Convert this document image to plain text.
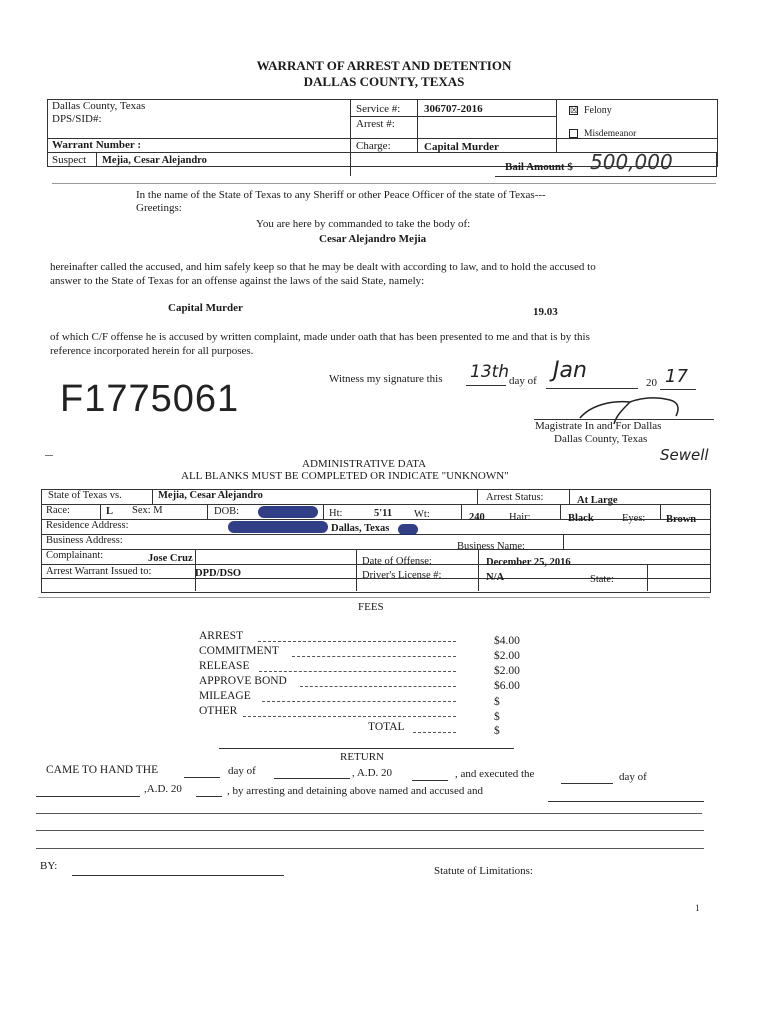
WARRANT OF ARREST AND DETENTION
DALLAS COUNTY, TEXAS
Dallas County, Texas
DPS/SID#:
Service #: 306707-2016
Arrest #:
☒ Felony
Misdemeanor
Warrant Number :	Charge:	Capital Murder
Suspect Mejia, Cesar Alejandro
Bail Amount $ 500,000
In the name of the State of Texas to any Sheriff or other Peace Officer of the state of Texas---
Greetings:
You are here by commanded to take the body of:
Cesar Alejandro Mejia
hereinafter called the accused, and him safely keep so that he may be dealt with according to law, and to hold the accused to
answer to the State of Texas for an offense against the laws of the said State, namely:
Capital Murder	19.03
of which C/F offense he is accused by written complaint, made under oath that has been presented to me and that is by this
reference incorporated herein for all purposes.
F1775061	Witness my signature this 13th day of Jan	20 17
Magistrate In and For Dallas
Dallas County, Texas
Sewell
ADMINISTRATIVE DATA
ALL BLANKS MUST BE COMPLETED OR INDICATE "UNKNOWN"
State of Texas vs.	Mejia, Cesar Alejandro	Arrest Status:	At Large
Race:	L Sex: M	DOB:	Ht:	5'11 Wt:	240 Hair:	Black	Eyes: Brown
Residence Address:	Dallas, Texas
Business Address:
Business Name:
Complainant:	Jose Cruz	Date of Offense:	December 25, 2016
Arrest Warrant Issued to:	DPD/DSO	Driver's License #:	N/A	State:
FEES
ARREST	$4.00
COMMITMENT	$2.00
RELEASE	$2.00
APPROVE BOND	$6.00
MILEAGE	$
OTHER	$
TOTAL	$
RETURN
CAME TO HAND THE	day of	, A.D. 20	, and executed the	day of
,A.D. 20	, by arresting and detaining above named and accused and
BY:	Statute of Limitations:
1
